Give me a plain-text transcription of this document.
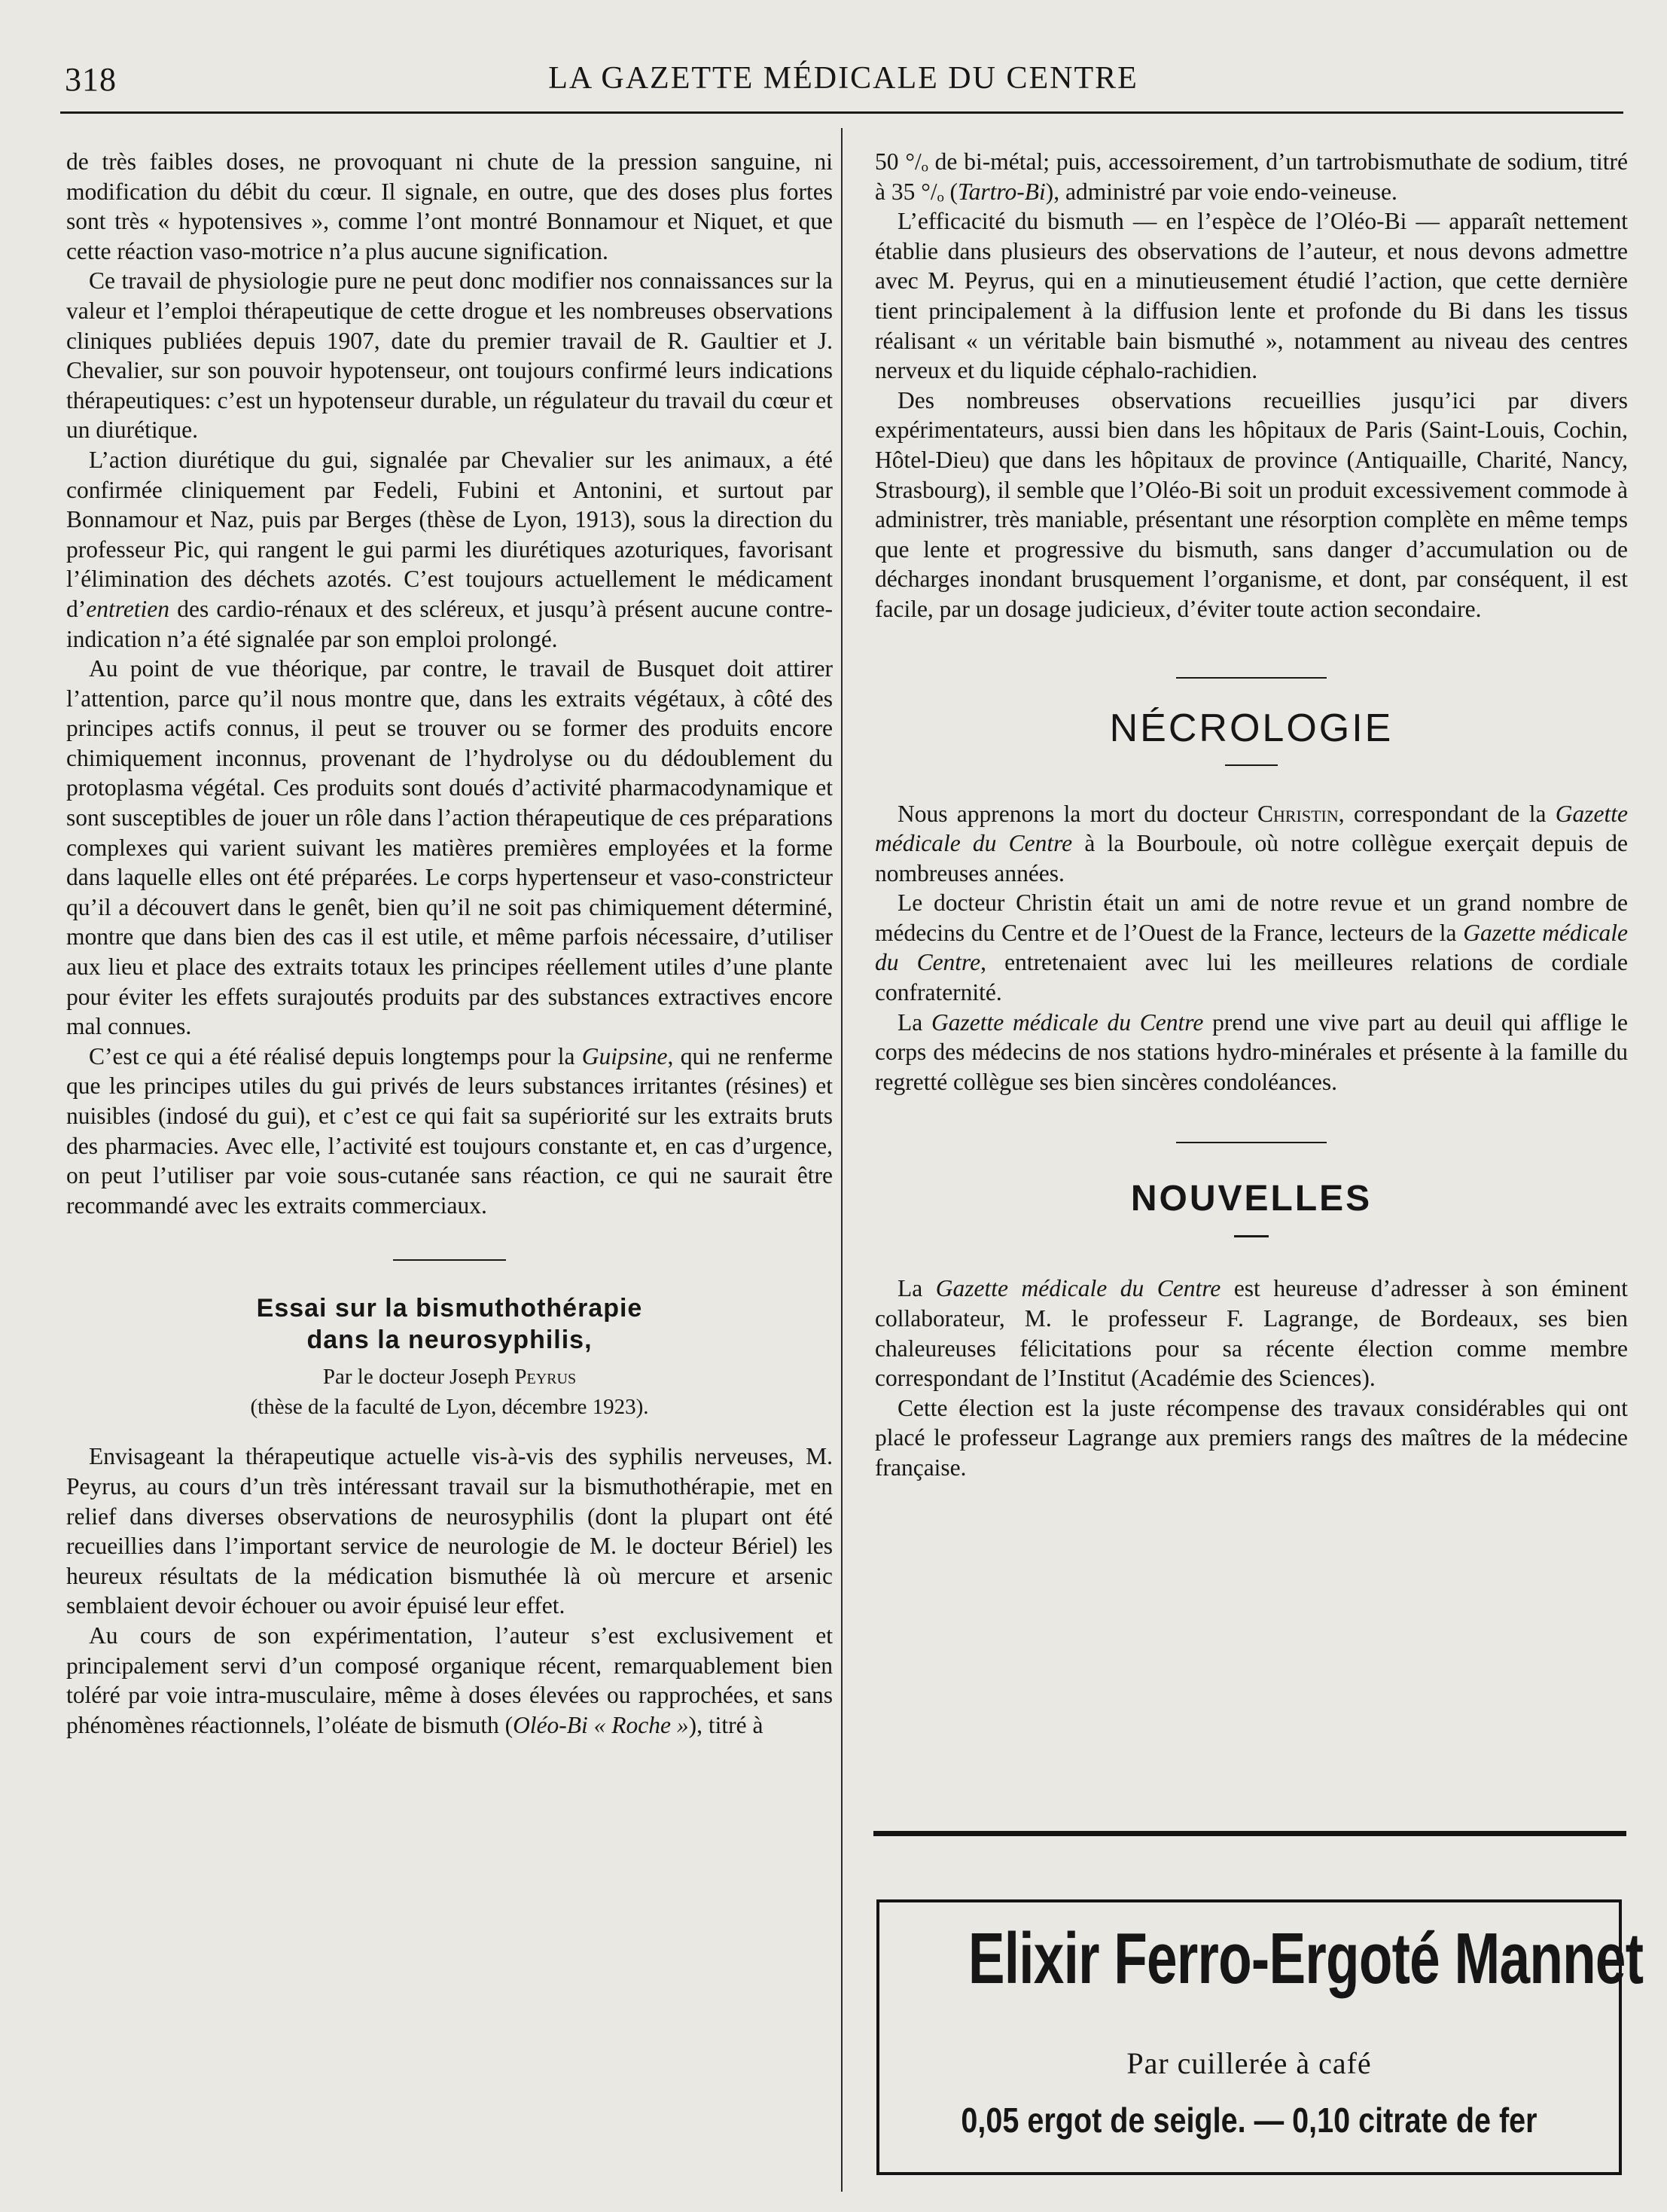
318	LA GAZETTE MÉDICALE DU CENTRE

de très faibles doses, ne provoquant ni chute de la pression sanguine, ni modification du débit du cœur. Il signale, en outre, que des doses plus fortes sont très « hypotensives », comme l’ont montré Bonnamour et Niquet, et que cette réaction vaso-motrice n’a plus aucune signification.

Ce travail de physiologie pure ne peut donc modifier nos connaissances sur la valeur et l’emploi thérapeutique de cette drogue et les nombreuses observations cliniques publiées depuis 1907, date du premier travail de R. Gaultier et J. Chevalier, sur son pouvoir hypotenseur, ont toujours confirmé leurs indications thérapeutiques: c’est un hypotenseur durable, un régulateur du travail du cœur et un diurétique.

L’action diurétique du gui, signalée par Chevalier sur les animaux, a été confirmée cliniquement par Fedeli, Fubini et Antonini, et surtout par Bonnamour et Naz, puis par Berges (thèse de Lyon, 1913), sous la direction du professeur Pic, qui rangent le gui parmi les diurétiques azoturiques, favorisant l’élimination des déchets azotés. C’est toujours actuellement le médicament d’entretien des cardio-rénaux et des scléreux, et jusqu’à présent aucune contre-indication n’a été signalée par son emploi prolongé.

Au point de vue théorique, par contre, le travail de Busquet doit attirer l’attention, parce qu’il nous montre que, dans les extraits végétaux, à côté des principes actifs connus, il peut se trouver ou se former des produits encore chimiquement inconnus, provenant de l’hydrolyse ou du dédoublement du protoplasma végétal. Ces produits sont doués d’activité pharmacodynamique et sont susceptibles de jouer un rôle dans l’action thérapeutique de ces préparations complexes qui varient suivant les matières premières employées et la forme dans laquelle elles ont été préparées. Le corps hypertenseur et vaso-constricteur qu’il a découvert dans le genêt, bien qu’il ne soit pas chimiquement déterminé, montre que dans bien des cas il est utile, et même parfois nécessaire, d’utiliser aux lieu et place des extraits totaux les principes réellement utiles d’une plante pour éviter les effets surajoutés produits par des substances extractives encore mal connues.

C’est ce qui a été réalisé depuis longtemps pour la Guipsine, qui ne renferme que les principes utiles du gui privés de leurs substances irritantes (résines) et nuisibles (indosé du gui), et c’est ce qui fait sa supériorité sur les extraits bruts des pharmacies. Avec elle, l’activité est toujours constante et, en cas d’urgence, on peut l’utiliser par voie sous-cutanée sans réaction, ce qui ne saurait être recommandé avec les extraits commerciaux.

Essai sur la bismuthothérapie
dans la neurosyphilis,
Par le docteur Joseph Peyrus
(thèse de la faculté de Lyon, décembre 1923).

Envisageant la thérapeutique actuelle vis-à-vis des syphilis nerveuses, M. Peyrus, au cours d’un très intéressant travail sur la bismuthothérapie, met en relief dans diverses observations de neurosyphilis (dont la plupart ont été recueillies dans l’important service de neurologie de M. le docteur Bériel) les heureux résultats de la médication bismuthée là où mercure et arsenic semblaient devoir échouer ou avoir épuisé leur effet.

Au cours de son expérimentation, l’auteur s’est exclusivement et principalement servi d’un composé organique récent, remarquablement bien toléré par voie intra-musculaire, même à doses élevées ou rapprochées, et sans phénomènes réactionnels, l’oléate de bismuth (Oléo-Bi « Roche »), titré à

50 °/ₒ de bi-métal; puis, accessoirement, d’un tartrobismuthate de sodium, titré à 35 °/ₒ (Tartro-Bi), administré par voie endo-veineuse.

L’efficacité du bismuth — en l’espèce de l’Oléo-Bi — apparaît nettement établie dans plusieurs des observations de l’auteur, et nous devons admettre avec M. Peyrus, qui en a minutieusement étudié l’action, que cette dernière tient principalement à la diffusion lente et profonde du Bi dans les tissus réalisant « un véritable bain bismuthé », notamment au niveau des centres nerveux et du liquide céphalo-rachidien.

Des nombreuses observations recueillies jusqu’ici par divers expérimentateurs, aussi bien dans les hôpitaux de Paris (Saint-Louis, Cochin, Hôtel-Dieu) que dans les hôpitaux de province (Antiquaille, Charité, Nancy, Strasbourg), il semble que l’Oléo-Bi soit un produit excessivement commode à administrer, très maniable, présentant une résorption complète en même temps que lente et progressive du bismuth, sans danger d’accumulation ou de décharges inondant brusquement l’organisme, et dont, par conséquent, il est facile, par un dosage judicieux, d’éviter toute action secondaire.

NÉCROLOGIE

Nous apprenons la mort du docteur Christin, correspondant de la Gazette médicale du Centre à la Bourboule, où notre collègue exerçait depuis de nombreuses années.

Le docteur Christin était un ami de notre revue et un grand nombre de médecins du Centre et de l’Ouest de la France, lecteurs de la Gazette médicale du Centre, entretenaient avec lui les meilleures relations de cordiale confraternité.

La Gazette médicale du Centre prend une vive part au deuil qui afflige le corps des médecins de nos stations hydro-minérales et présente à la famille du regretté collègue ses bien sincères condoléances.

NOUVELLES

La Gazette médicale du Centre est heureuse d’adresser à son éminent collaborateur, M. le professeur F. Lagrange, de Bordeaux, ses bien chaleureuses félicitations pour sa récente élection comme membre correspondant de l’Institut (Académie des Sciences).

Cette élection est la juste récompense des travaux considérables qui ont placé le professeur Lagrange aux premiers rangs des maîtres de la médecine française.

Elixir Ferro-Ergoté Mannet
Par cuillerée à café
0,05 ergot de seigle. — 0,10 citrate de fer
